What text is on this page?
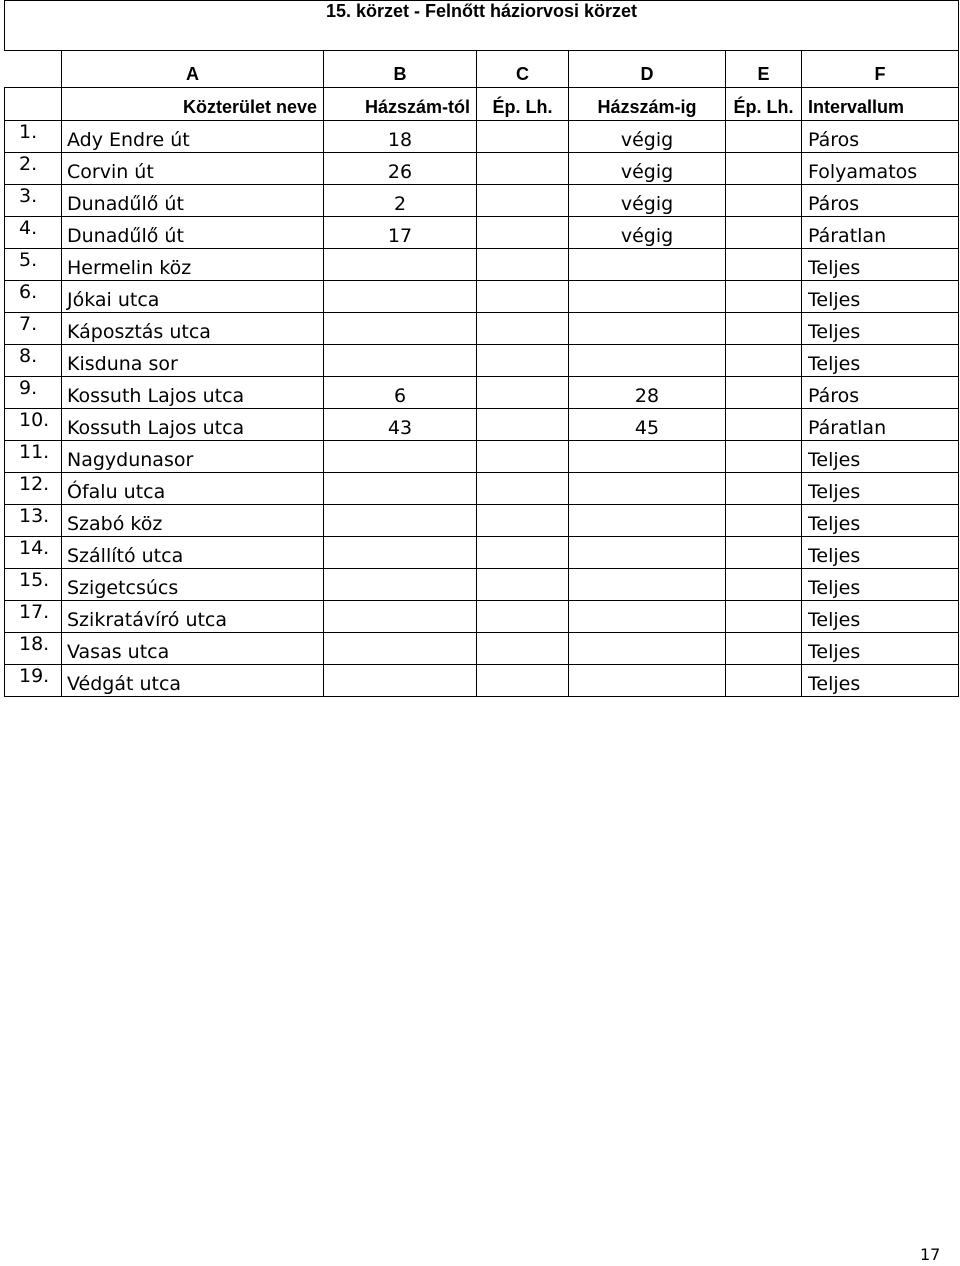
15. körzet - Felnőtt háziorvosi körzet						
	A	B	C	D	E	F
	Közterület neve	Házszám-tól	Ép. Lh.	Házszám-ig	Ép. Lh.	Intervallum
1.	Ady Endre út	18		végig		Páros
2.	Corvin út	26		végig		Folyamatos
3.	Dunadűlő út	2		végig		Páros
4.	Dunadűlő út	17		végig		Páratlan
5.	Hermelin köz					Teljes
6.	Jókai utca					Teljes
7.	Káposztás utca					Teljes
8.	Kisduna sor					Teljes
9.	Kossuth Lajos utca	6		28		Páros
10.	Kossuth Lajos utca	43		45		Páratlan
11.	Nagydunasor					Teljes
12.	Ófalu utca					Teljes
13.	Szabó köz					Teljes
14.	Szállító utca					Teljes
15.	Szigetcsúcs					Teljes
17.	Szikratávíró utca					Teljes
18.	Vasas utca					Teljes
19.	Védgát utca					Teljes
17
